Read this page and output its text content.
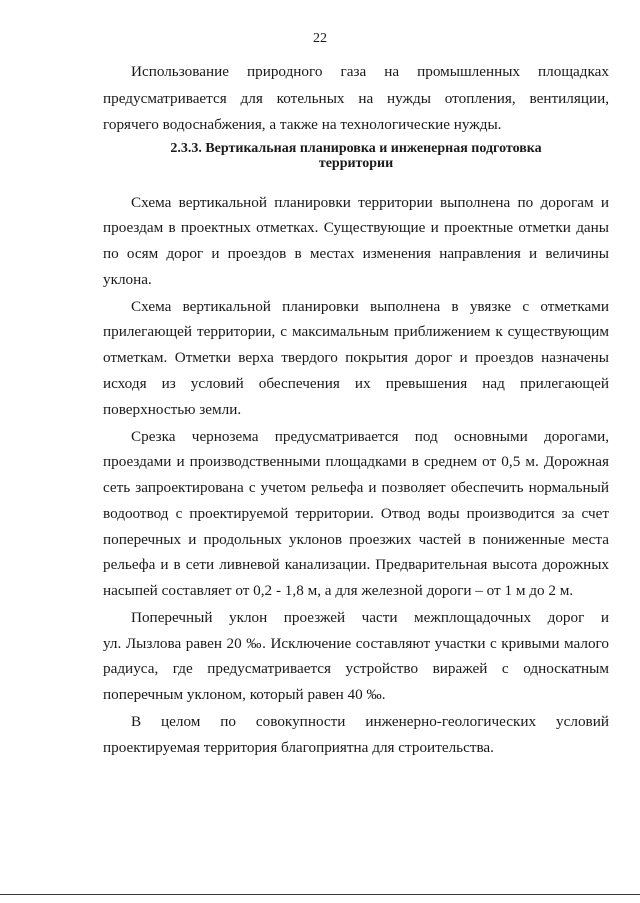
22
Использование природного газа на промышленных площадках
предусматривается для котельных на нужды отопления, вентиляции,
горячего водоснабжения, а также на технологические нужды.
2.3.3. Вертикальная планировка и инженерная подготовка
территории
Схема вертикальной планировки территории выполнена по дорогам и
проездам в проектных отметках. Существующие и проектные отметки даны
по осям дорог и проездов в местах изменения направления и величины
уклона.
Схема вертикальной планировки выполнена в увязке с отметками
прилегающей территории, с максимальным приближением к существующим
отметкам. Отметки верха твердого покрытия дорог и проездов назначены
исходя из условий обеспечения их превышения над прилегающей
поверхностью земли.
Срезка чернозема предусматривается под основными дорогами,
проездами и производственными площадками в среднем от 0,5 м. Дорожная
сеть запроектирована с учетом рельефа и позволяет обеспечить нормальный
водоотвод с проектируемой территории. Отвод воды производится за счет
поперечных и продольных уклонов проезжих частей в пониженные места
рельефа и в сети ливневой канализации. Предварительная высота дорожных
насыпей составляет от 0,2 - 1,8 м, а для железной дороги – от 1 м до 2 м.
Поперечный уклон проезжей части межплощадочных дорог и
ул. Лызлова равен 20 ‰. Исключение составляют участки с кривыми малого
радиуса, где предусматривается устройство виражей с односкатным
поперечным уклоном, который равен 40 ‰.
В целом по совокупности инженерно-геологических условий
проектируемая территория благоприятна для строительства.
